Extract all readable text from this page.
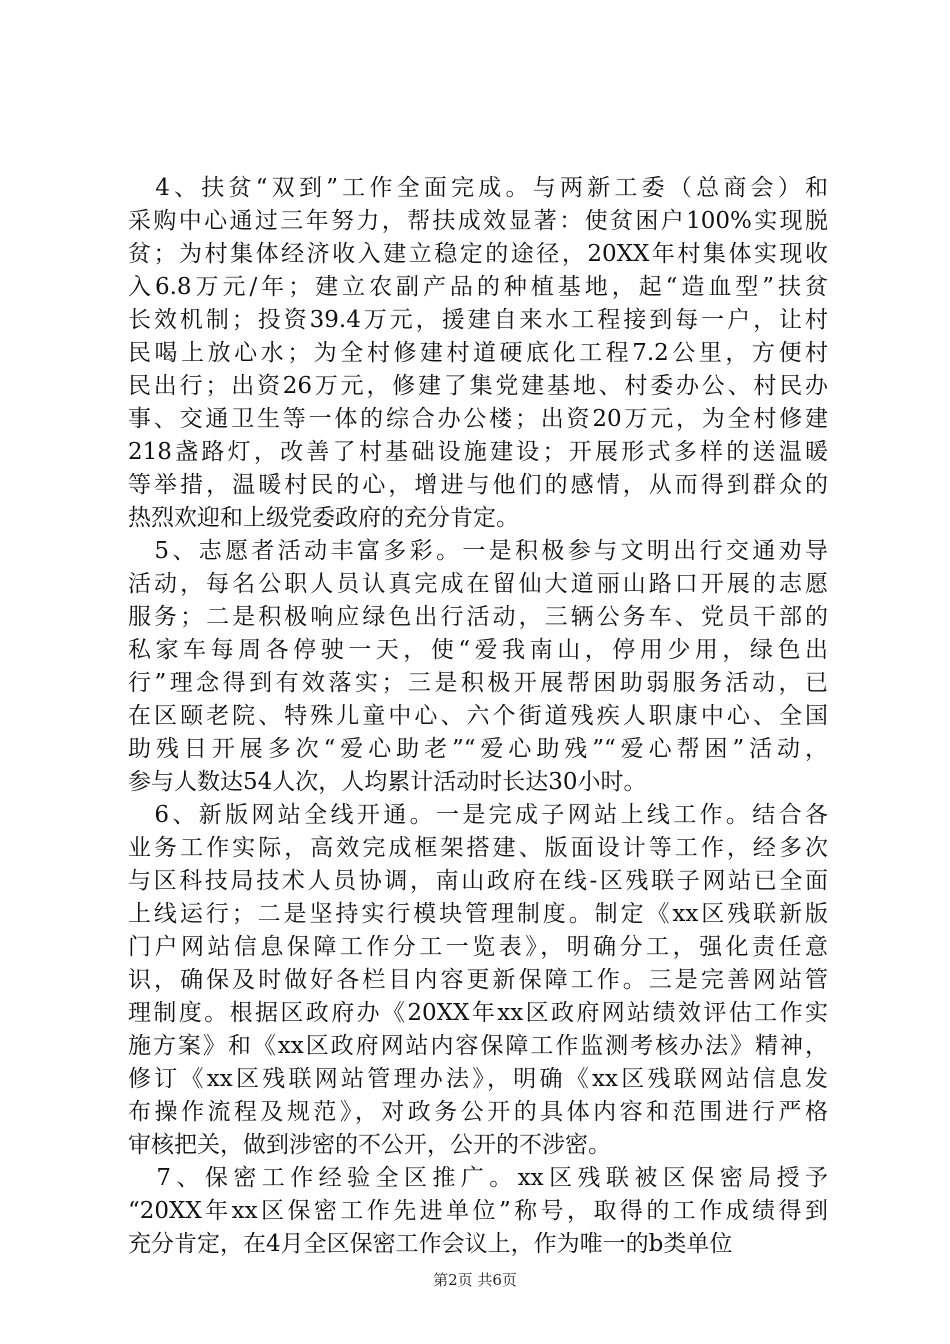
　4、扶贫“双到”工作全面完成。与两新工委（总商会）和
采购中心通过三年努力，帮扶成效显著：使贫困户100%实现脱
贫；为村集体经济收入建立稳定的途径，20XX年村集体实现收
入6.8万元/年；建立农副产品的种植基地，起“造血型”扶贫
长效机制；投资39.4万元，援建自来水工程接到每一户，让村
民喝上放心水；为全村修建村道硬底化工程7.2公里，方便村
民出行；出资26万元，修建了集党建基地、村委办公、村民办
事、交通卫生等一体的综合办公楼；出资20万元，为全村修建
218盏路灯，改善了村基础设施建设；开展形式多样的送温暖
等举措，温暖村民的心，增进与他们的感情，从而得到群众的
热烈欢迎和上级党委政府的充分肯定。
　5、志愿者活动丰富多彩。一是积极参与文明出行交通劝导
活动，每名公职人员认真完成在留仙大道丽山路口开展的志愿
服务；二是积极响应绿色出行活动，三辆公务车、党员干部的
私家车每周各停驶一天，使“爱我南山，停用少用，绿色出
行”理念得到有效落实；三是积极开展帮困助弱服务活动，已
在区颐老院、特殊儿童中心、六个街道残疾人职康中心、全国
助残日开展多次“爱心助老”“爱心助残”“爱心帮困”活动，
参与人数达54人次，人均累计活动时长达30小时。
　6、新版网站全线开通。一是完成子网站上线工作。结合各
业务工作实际，高效完成框架搭建、版面设计等工作，经多次
与区科技局技术人员协调，南山政府在线-区残联子网站已全面
上线运行；二是坚持实行模块管理制度。制定《xx区残联新版
门户网站信息保障工作分工一览表》，明确分工，强化责任意
识，确保及时做好各栏目内容更新保障工作。三是完善网站管
理制度。根据区政府办《20XX年xx区政府网站绩效评估工作实
施方案》和《xx区政府网站内容保障工作监测考核办法》精神，
修订《xx区残联网站管理办法》，明确《xx区残联网站信息发
布操作流程及规范》，对政务公开的具体内容和范围进行严格
审核把关，做到涉密的不公开，公开的不涉密。
　7、保密工作经验全区推广。xx区残联被区保密局授予
“20XX年xx区保密工作先进单位”称号，取得的工作成绩得到
充分肯定，在4月全区保密工作会议上，作为唯一的b类单位
第2页 共6页
